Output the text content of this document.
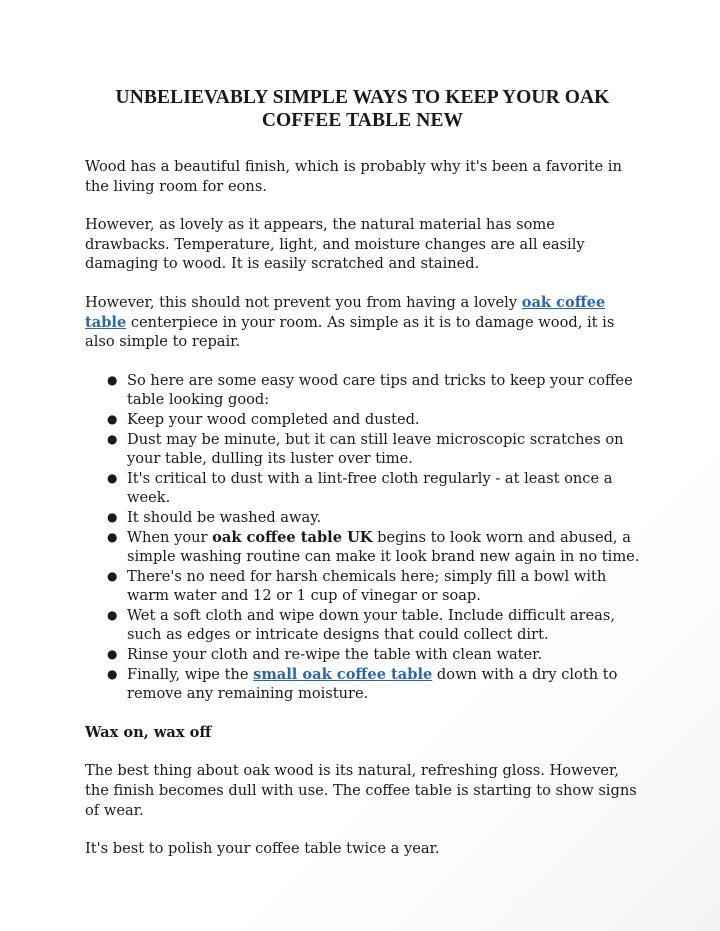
UNBELIEVABLY SIMPLE WAYS TO KEEP YOUR OAK COFFEE TABLE NEW

Wood has a beautiful finish, which is probably why it's been a favorite in the living room for eons.

However, as lovely as it appears, the natural material has some drawbacks. Temperature, light, and moisture changes are all easily damaging to wood. It is easily scratched and stained.

However, this should not prevent you from having a lovely oak coffee table centerpiece in your room. As simple as it is to damage wood, it is also simple to repair.

● So here are some easy wood care tips and tricks to keep your coffee table looking good:
● Keep your wood completed and dusted.
● Dust may be minute, but it can still leave microscopic scratches on your table, dulling its luster over time.
● It's critical to dust with a lint-free cloth regularly - at least once a week.
● It should be washed away.
● When your oak coffee table UK begins to look worn and abused, a simple washing routine can make it look brand new again in no time.
● There's no need for harsh chemicals here; simply fill a bowl with warm water and 12 or 1 cup of vinegar or soap.
● Wet a soft cloth and wipe down your table. Include difficult areas, such as edges or intricate designs that could collect dirt.
● Rinse your cloth and re-wipe the table with clean water.
● Finally, wipe the small oak coffee table down with a dry cloth to remove any remaining moisture.

Wax on, wax off

The best thing about oak wood is its natural, refreshing gloss. However, the finish becomes dull with use. The coffee table is starting to show signs of wear.

It's best to polish your coffee table twice a year.
